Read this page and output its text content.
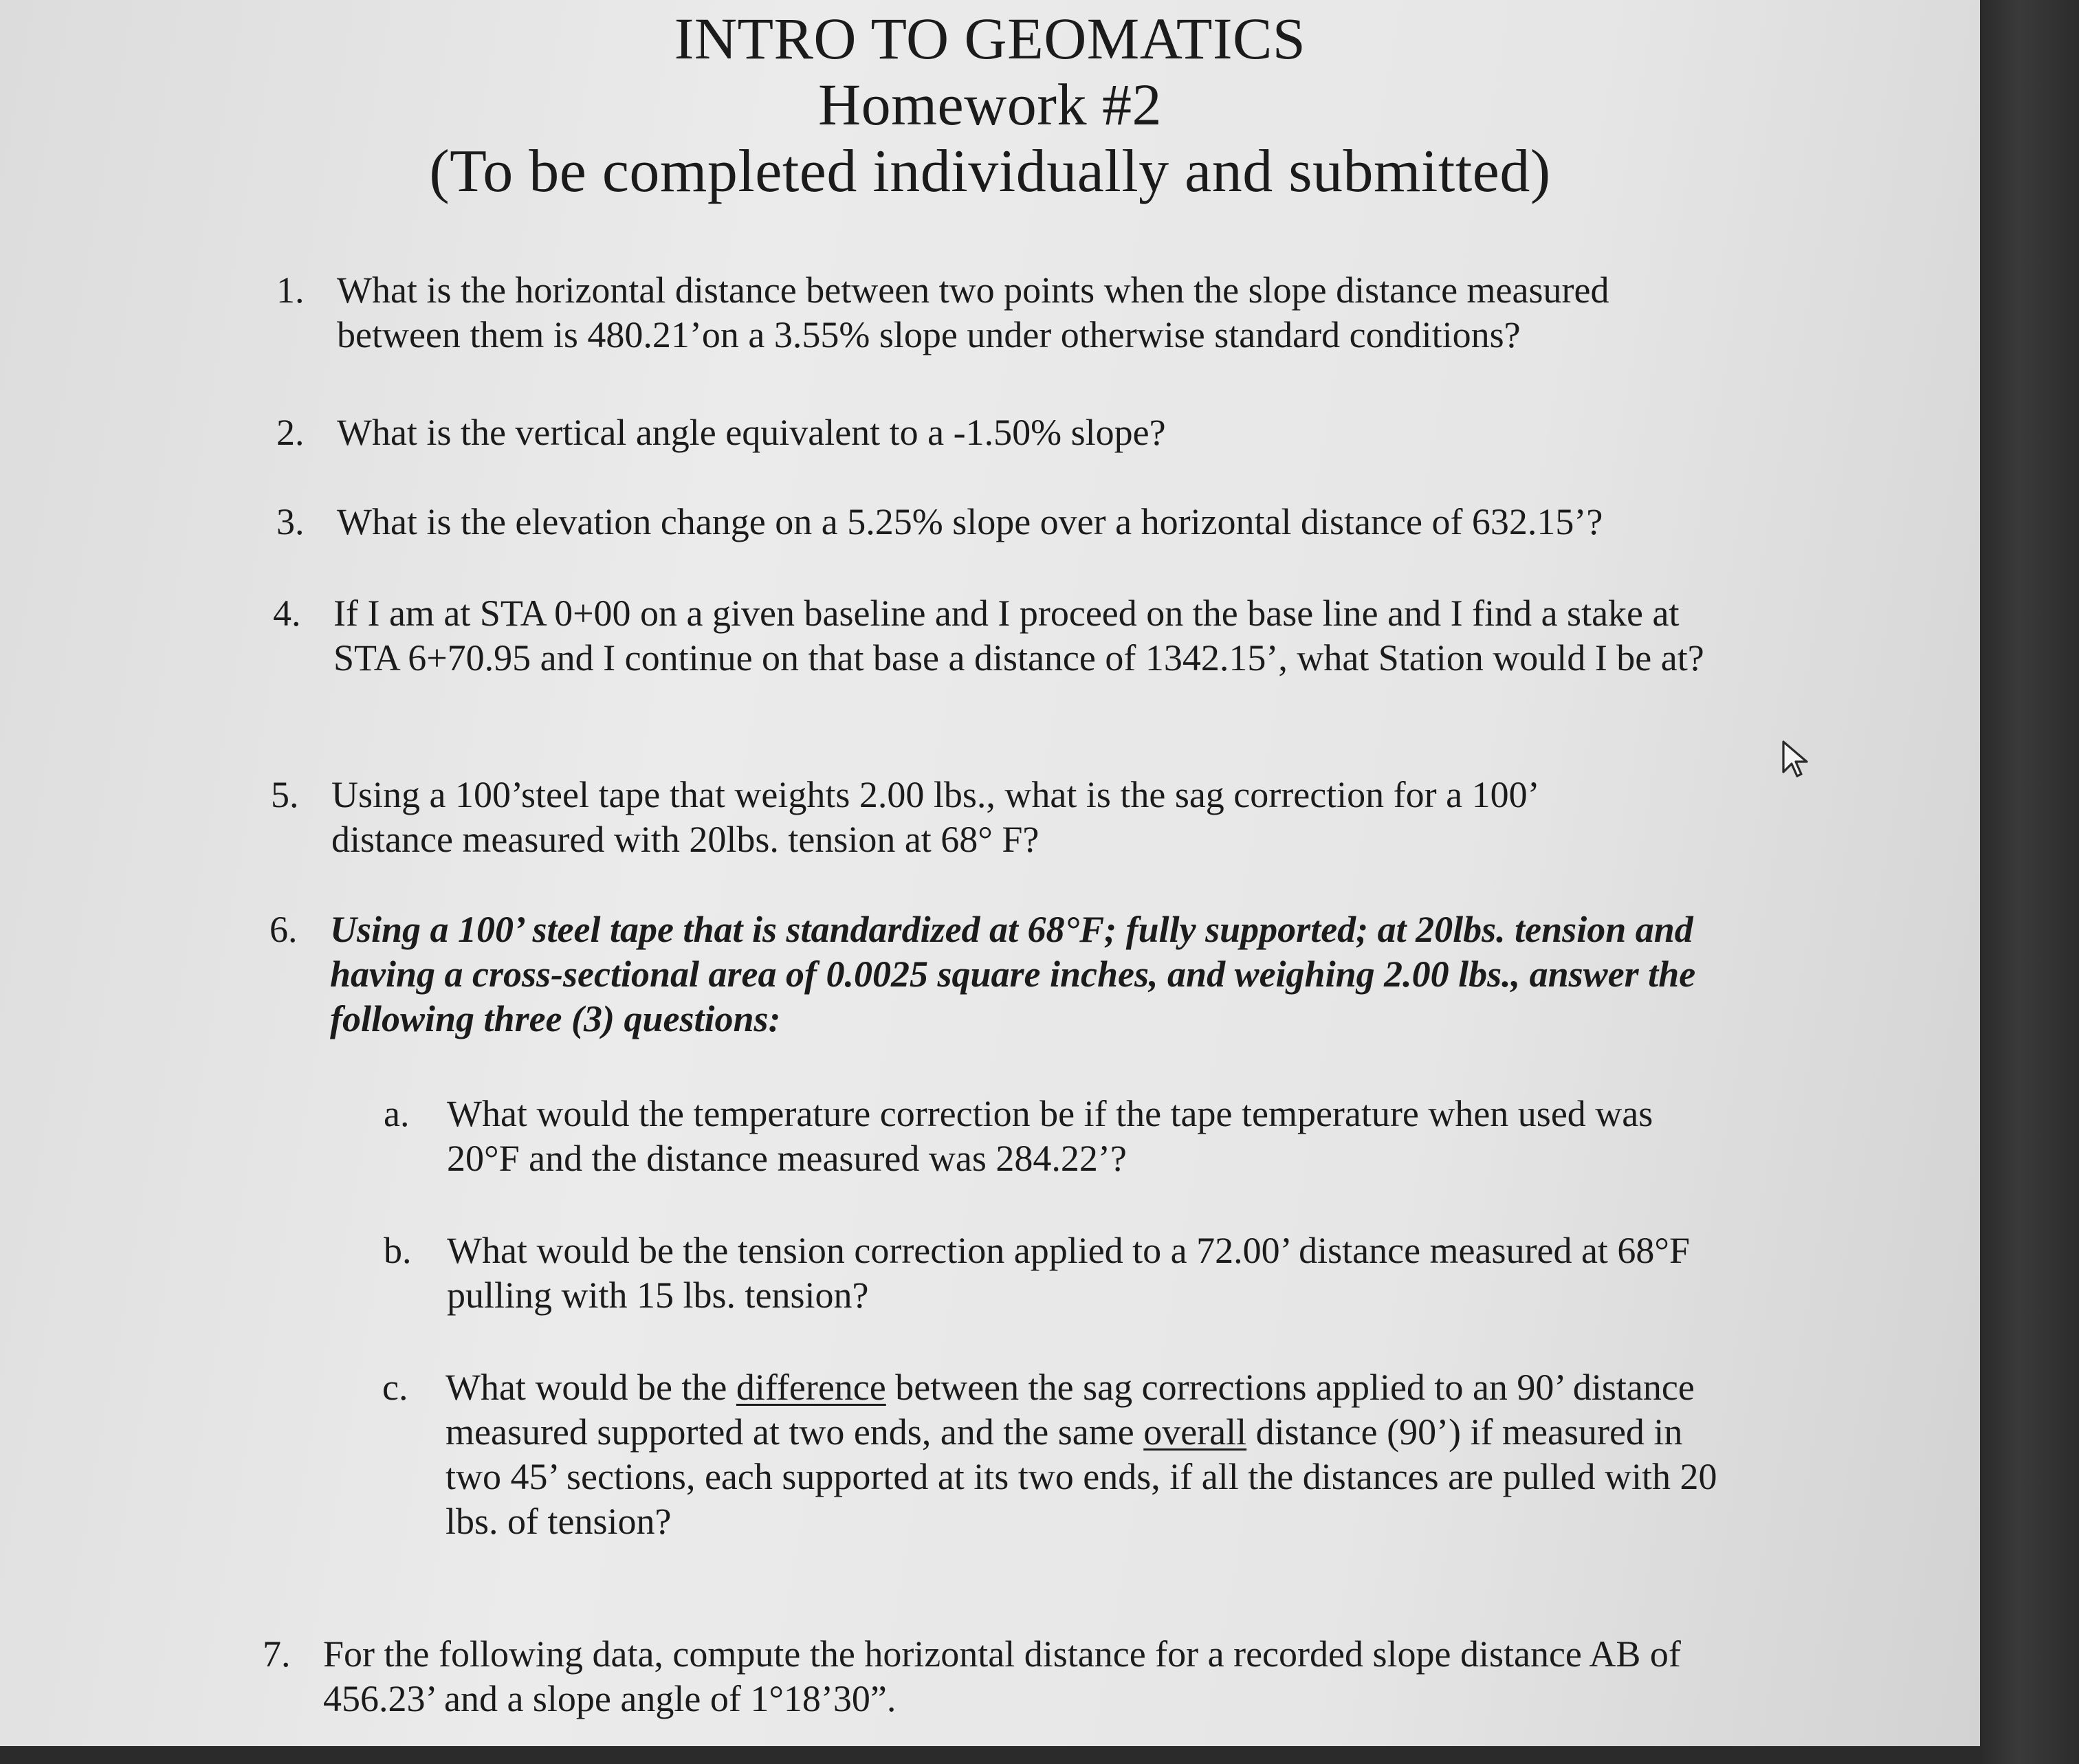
INTRO TO GEOMATICS
Homework #2
(To be completed individually and submitted)
1. What is the horizontal distance between two points when the slope distance measured between them is 480.21’on a 3.55% slope under otherwise standard conditions?
2. What is the vertical angle equivalent to a -1.50% slope?
3. What is the elevation change on a 5.25% slope over a horizontal distance of 632.15’?
4. If I am at STA 0+00 on a given baseline and I proceed on the base line and I find a stake at STA 6+70.95 and I continue on that base a distance of 1342.15’, what Station would I be at?
5. Using a 100’steel tape that weights 2.00 lbs., what is the sag correction for a 100’ distance measured with 20lbs. tension at 68° F?
6. Using a 100’ steel tape that is standardized at 68°F; fully supported; at 20lbs. tension and having a cross-sectional area of 0.0025 square inches, and weighing 2.00 lbs., answer the following three (3) questions:
a. What would the temperature correction be if the tape temperature when used was 20°F and the distance measured was 284.22’?
b. What would be the tension correction applied to a 72.00’ distance measured at 68°F pulling with 15 lbs. tension?
c. What would be the difference between the sag corrections applied to an 90’ distance measured supported at two ends, and the same overall distance (90’) if measured in two 45’ sections, each supported at its two ends, if all the distances are pulled with 20 lbs. of tension?
7. For the following data, compute the horizontal distance for a recorded slope distance AB of 456.23’ and a slope angle of 1°18’30”.
